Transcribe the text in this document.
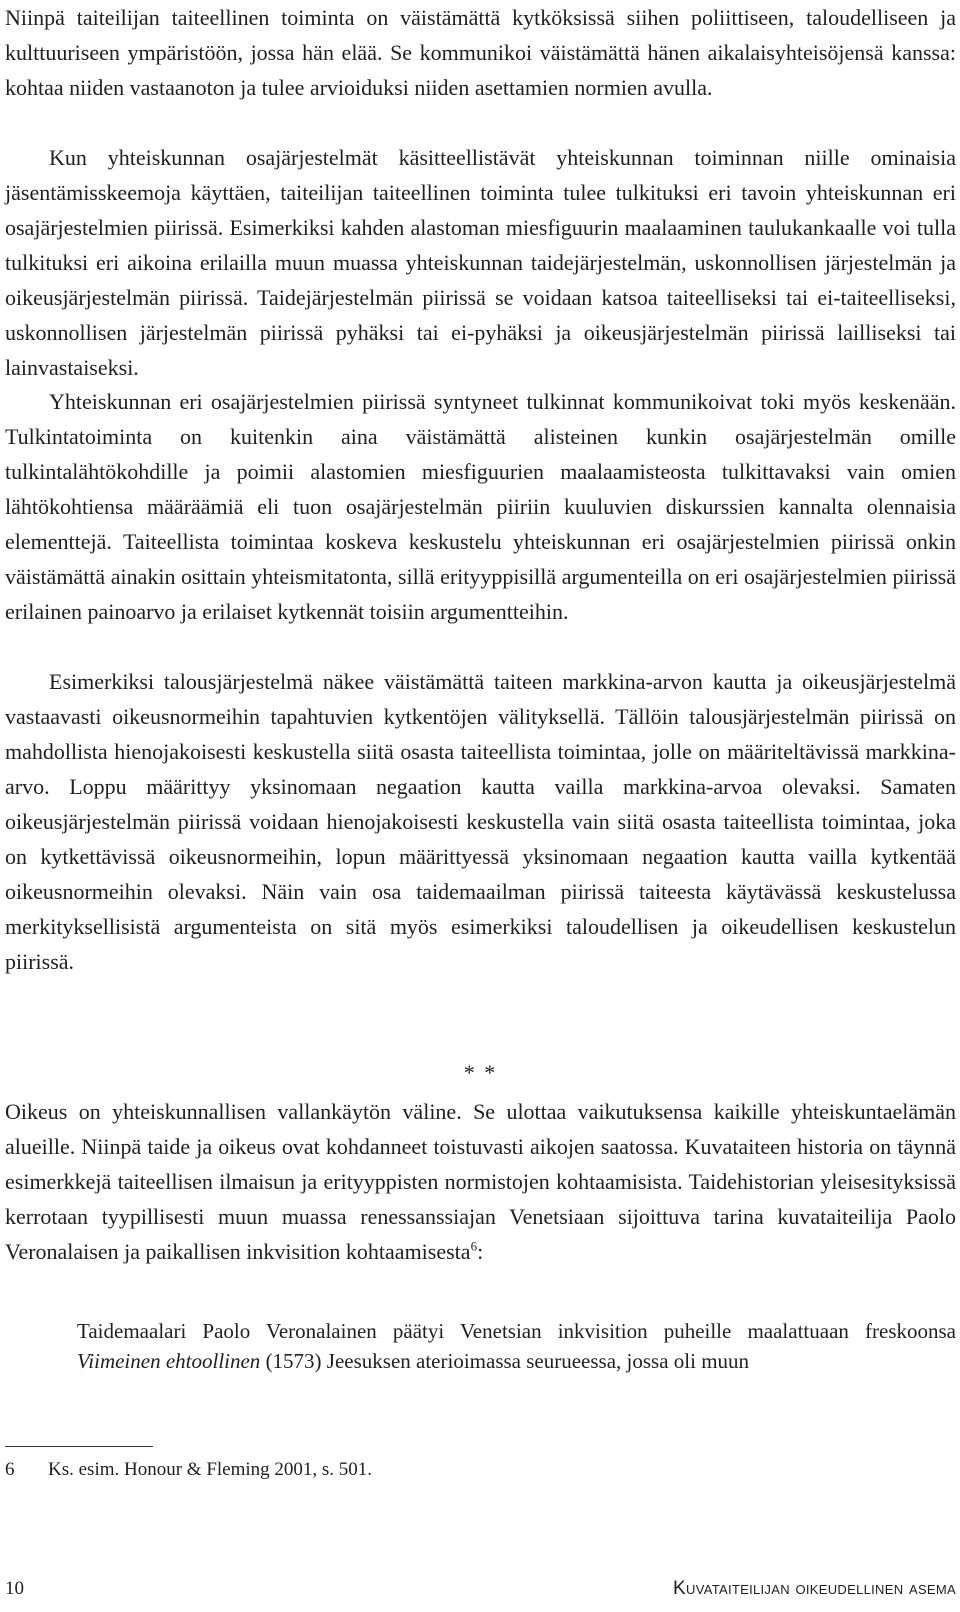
Niinpä taiteilijan taiteellinen toiminta on väistämättä kytköksissä siihen poliittiseen, taloudelliseen ja kulttuuriseen ympäristöön, jossa hän elää. Se kommunikoi väistämättä hänen aikalaisyhteisöjensä kanssa: kohtaa niiden vastaanoton ja tulee arvioiduksi niiden asettamien normien avulla.

Kun yhteiskunnan osajärjestelmät käsitteellistävät yhteiskunnan toiminnan niille ominaisia jäsentämisskeemoja käyttäen, taiteilijan taiteellinen toiminta tulee tulkituksi eri tavoin yhteiskunnan eri osajärjestelmien piirissä. Esimerkiksi kahden alastoman miesfiguurin maalaaminen taulukankaalle voi tulla tulkituksi eri aikoina erilailla muun muassa yhteiskunnan taidejärjestelmän, uskonnollisen järjestelmän ja oikeusjärjestelmän piirissä. Taidejärjestelmän piirissä se voidaan katsoa taiteelliseksi tai ei-taiteelliseksi, uskonnollisen järjestelmän piirissä pyhäksi tai ei-pyhäksi ja oikeusjärjestelmän piirissä lailliseksi tai lainvastaiseksi.

Yhteiskunnan eri osajärjestelmien piirissä syntyneet tulkinnat kommunikoivat toki myös keskenään. Tulkintatoiminta on kuitenkin aina väistämättä alisteinen kunkin osajärjestelmän omille tulkintalähtökohdille ja poimii alastomien miesfiguurien maalaamisteosta tulkittavaksi vain omien lähtökohtiensa määräämiä eli tuon osajärjestelmän piiriin kuuluvien diskurssien kannalta olennaisia elementtejä. Taiteellista toimintaa koskeva keskustelu yhteiskunnan eri osajärjestelmien piirissä onkin väistämättä ainakin osittain yhteismitatonta, sillä erityyppisillä argumenteilla on eri osajärjestelmien piirissä erilainen painoarvo ja erilaiset kytkennät toisiin argumentteihin.

Esimerkiksi talousjärjestelmä näkee väistämättä taiteen markkina-arvon kautta ja oikeusjärjestelmä vastaavasti oikeusnormeihin tapahtuvien kytkentöjen välityksellä. Tällöin talousjärjestelmän piirissä on mahdollista hienojakoisesti keskustella siitä osasta taiteellista toimintaa, jolle on määriteltävissä markkina-arvo. Loppu määrittyy yksinomaan negaation kautta vailla markkina-arvoa olevaksi. Samaten oikeusjärjestelmän piirissä voidaan hienojakoisesti keskustella vain siitä osasta taiteellista toimintaa, joka on kytkettävissä oikeusnormeihin, lopun määrittyessä yksinomaan negaation kautta vailla kytkentää oikeusnormeihin olevaksi. Näin vain osa taidemaailman piirissä taiteesta käytävässä keskustelussa merkityksellisistä argumenteista on sitä myös esimerkiksi taloudellisen ja oikeudellisen keskustelun piirissä.

* *

Oikeus on yhteiskunnallisen vallankäytön väline. Se ulottaa vaikutuksensa kaikille yhteiskuntaelämän alueille. Niinpä taide ja oikeus ovat kohdanneet toistuvasti aikojen saatossa. Kuvataiteen historia on täynnä esimerkkejä taiteellisen ilmaisun ja erityyppisten normistojen kohtaamisista. Taidehistorian yleisesityksissä kerrotaan tyypillisesti muun muassa renessanssiajan Venetsiaan sijoittuva tarina kuvataiteilija Paolo Veronalaisen ja paikallisen inkvisition kohtaamisesta$^6$:

Taidemaalari Paolo Veronalainen päätyi Venetsian inkvisition puheille maalattuaan freskoonsa Viimeinen ehtoollinen (1573) Jeesuksen aterioimassa seurueessa, jossa oli muun

6 Ks. esim. Honour & Fleming 2001, s. 501.
10	Kuvataiteilijan oikeudellinen asema
